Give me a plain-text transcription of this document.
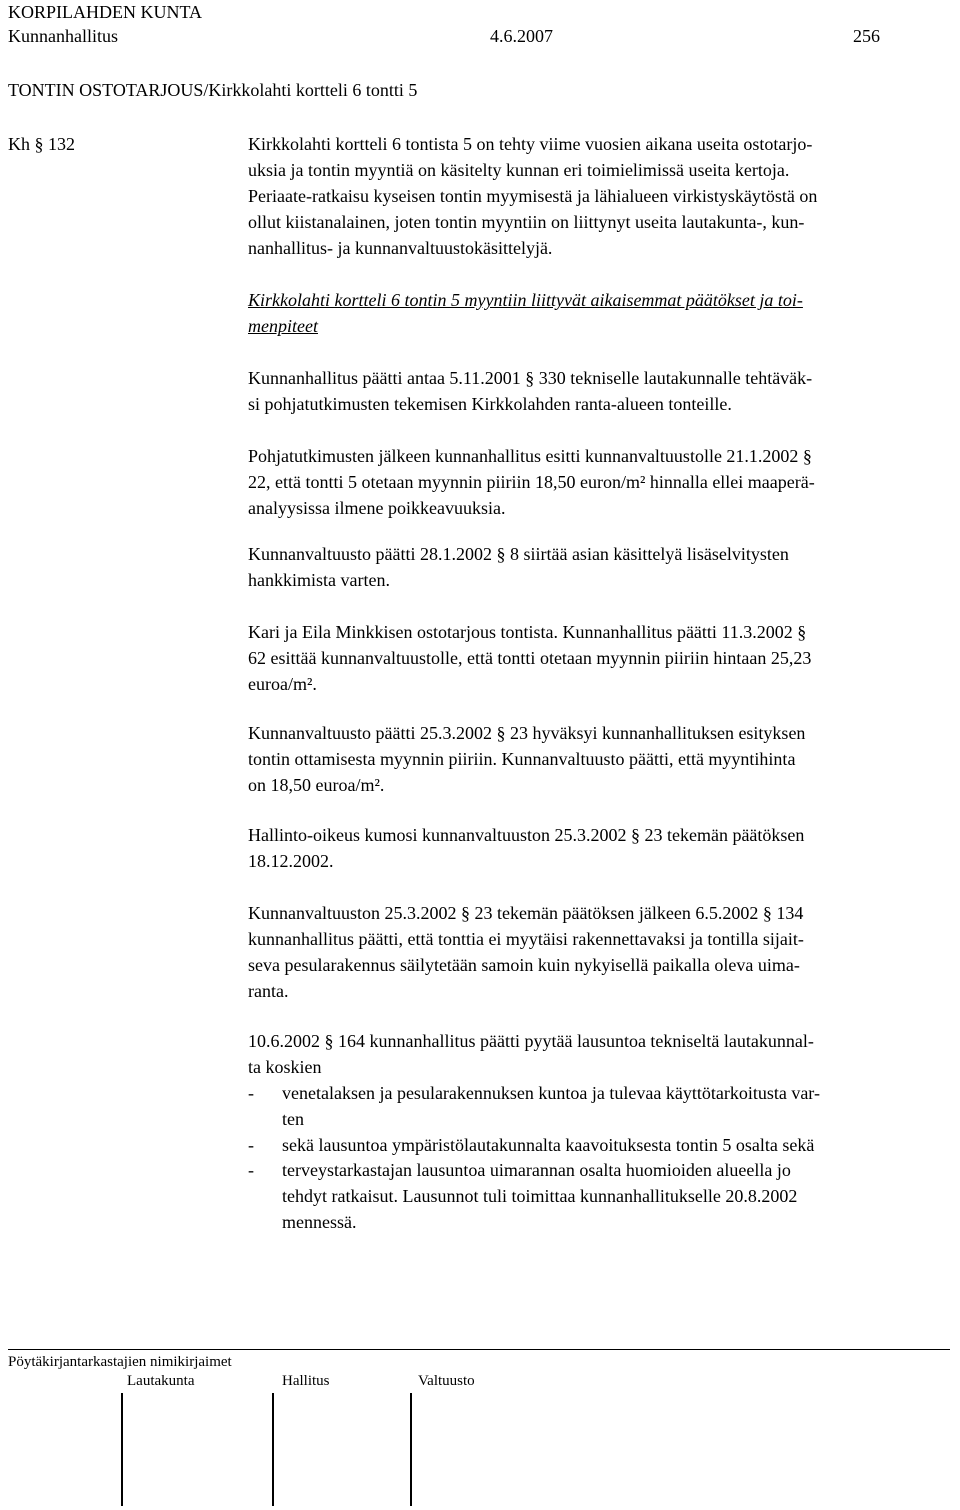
KORPILAHDEN KUNTA
Kunnanhallitus	4.6.2007	256
TONTIN OSTOTARJOUS/Kirkkolahti kortteli 6 tontti 5
Kh § 132	Kirkkolahti kortteli 6 tontista 5 on tehty viime vuosien aikana useita ostotarjo-
uksia ja tontin myyntiä on käsitelty kunnan eri toimielimissä useita kertoja.
Periaate-ratkaisu kyseisen tontin myymisestä ja lähialueen virkistyskäytöstä on
ollut kiistanalainen, joten tontin myyntiin on liittynyt useita lautakunta-, kun-
nanhallitus- ja kunnanvaltuustokäsittelyjä.
Kirkkolahti kortteli 6 tontin 5 myyntiin liittyvät aikaisemmat päätökset ja toi-
menpiteet
Kunnanhallitus päätti antaa 5.11.2001 § 330 tekniselle lautakunnalle tehtäväk-
si pohjatutkimusten tekemisen Kirkkolahden ranta-alueen tonteille.
Pohjatutkimusten jälkeen kunnanhallitus esitti kunnanvaltuustolle 21.1.2002 §
22, että tontti 5 otetaan myynnin piiriin 18,50 euron/m² hinnalla ellei maaperä-
analyysissa ilmene poikkeavuuksia.
Kunnanvaltuusto päätti 28.1.2002 § 8 siirtää asian käsittelyä lisäselvitysten
hankkimista varten.
Kari ja Eila Minkkisen ostotarjous tontista. Kunnanhallitus päätti 11.3.2002 §
62 esittää kunnanvaltuustolle, että tontti otetaan myynnin piiriin hintaan 25,23
euroa/m².
Kunnanvaltuusto päätti 25.3.2002 § 23 hyväksyi kunnanhallituksen esityksen
tontin ottamisesta myynnin piiriin. Kunnanvaltuusto päätti, että myyntihinta
on 18,50 euroa/m².
Hallinto-oikeus kumosi kunnanvaltuuston 25.3.2002 § 23 tekemän päätöksen
18.12.2002.
Kunnanvaltuuston 25.3.2002 § 23 tekemän päätöksen jälkeen 6.5.2002 § 134
kunnanhallitus päätti, että tonttia ei myytäisi rakennettavaksi ja tontilla sijait-
seva pesularakennus säilytetään samoin kuin nykyisellä paikalla oleva uima-
ranta.
10.6.2002 § 164 kunnanhallitus päätti pyytää lausuntoa tekniseltä lautakunnal-
ta koskien
-	venetalaksen ja pesularakennuksen kuntoa ja tulevaa käyttötarkoitusta var-
ten
-	sekä lausuntoa ympäristölautakunnalta kaavoituksesta tontin 5 osalta sekä
-	terveystarkastajan lausuntoa uimarannan osalta huomioiden alueella jo
tehdyt ratkaisut. Lausunnot tuli toimittaa kunnanhallitukselle 20.8.2002
mennessä.
Pöytäkirjantarkastajien nimikirjaimet
Lautakunta	Hallitus	Valtuusto
